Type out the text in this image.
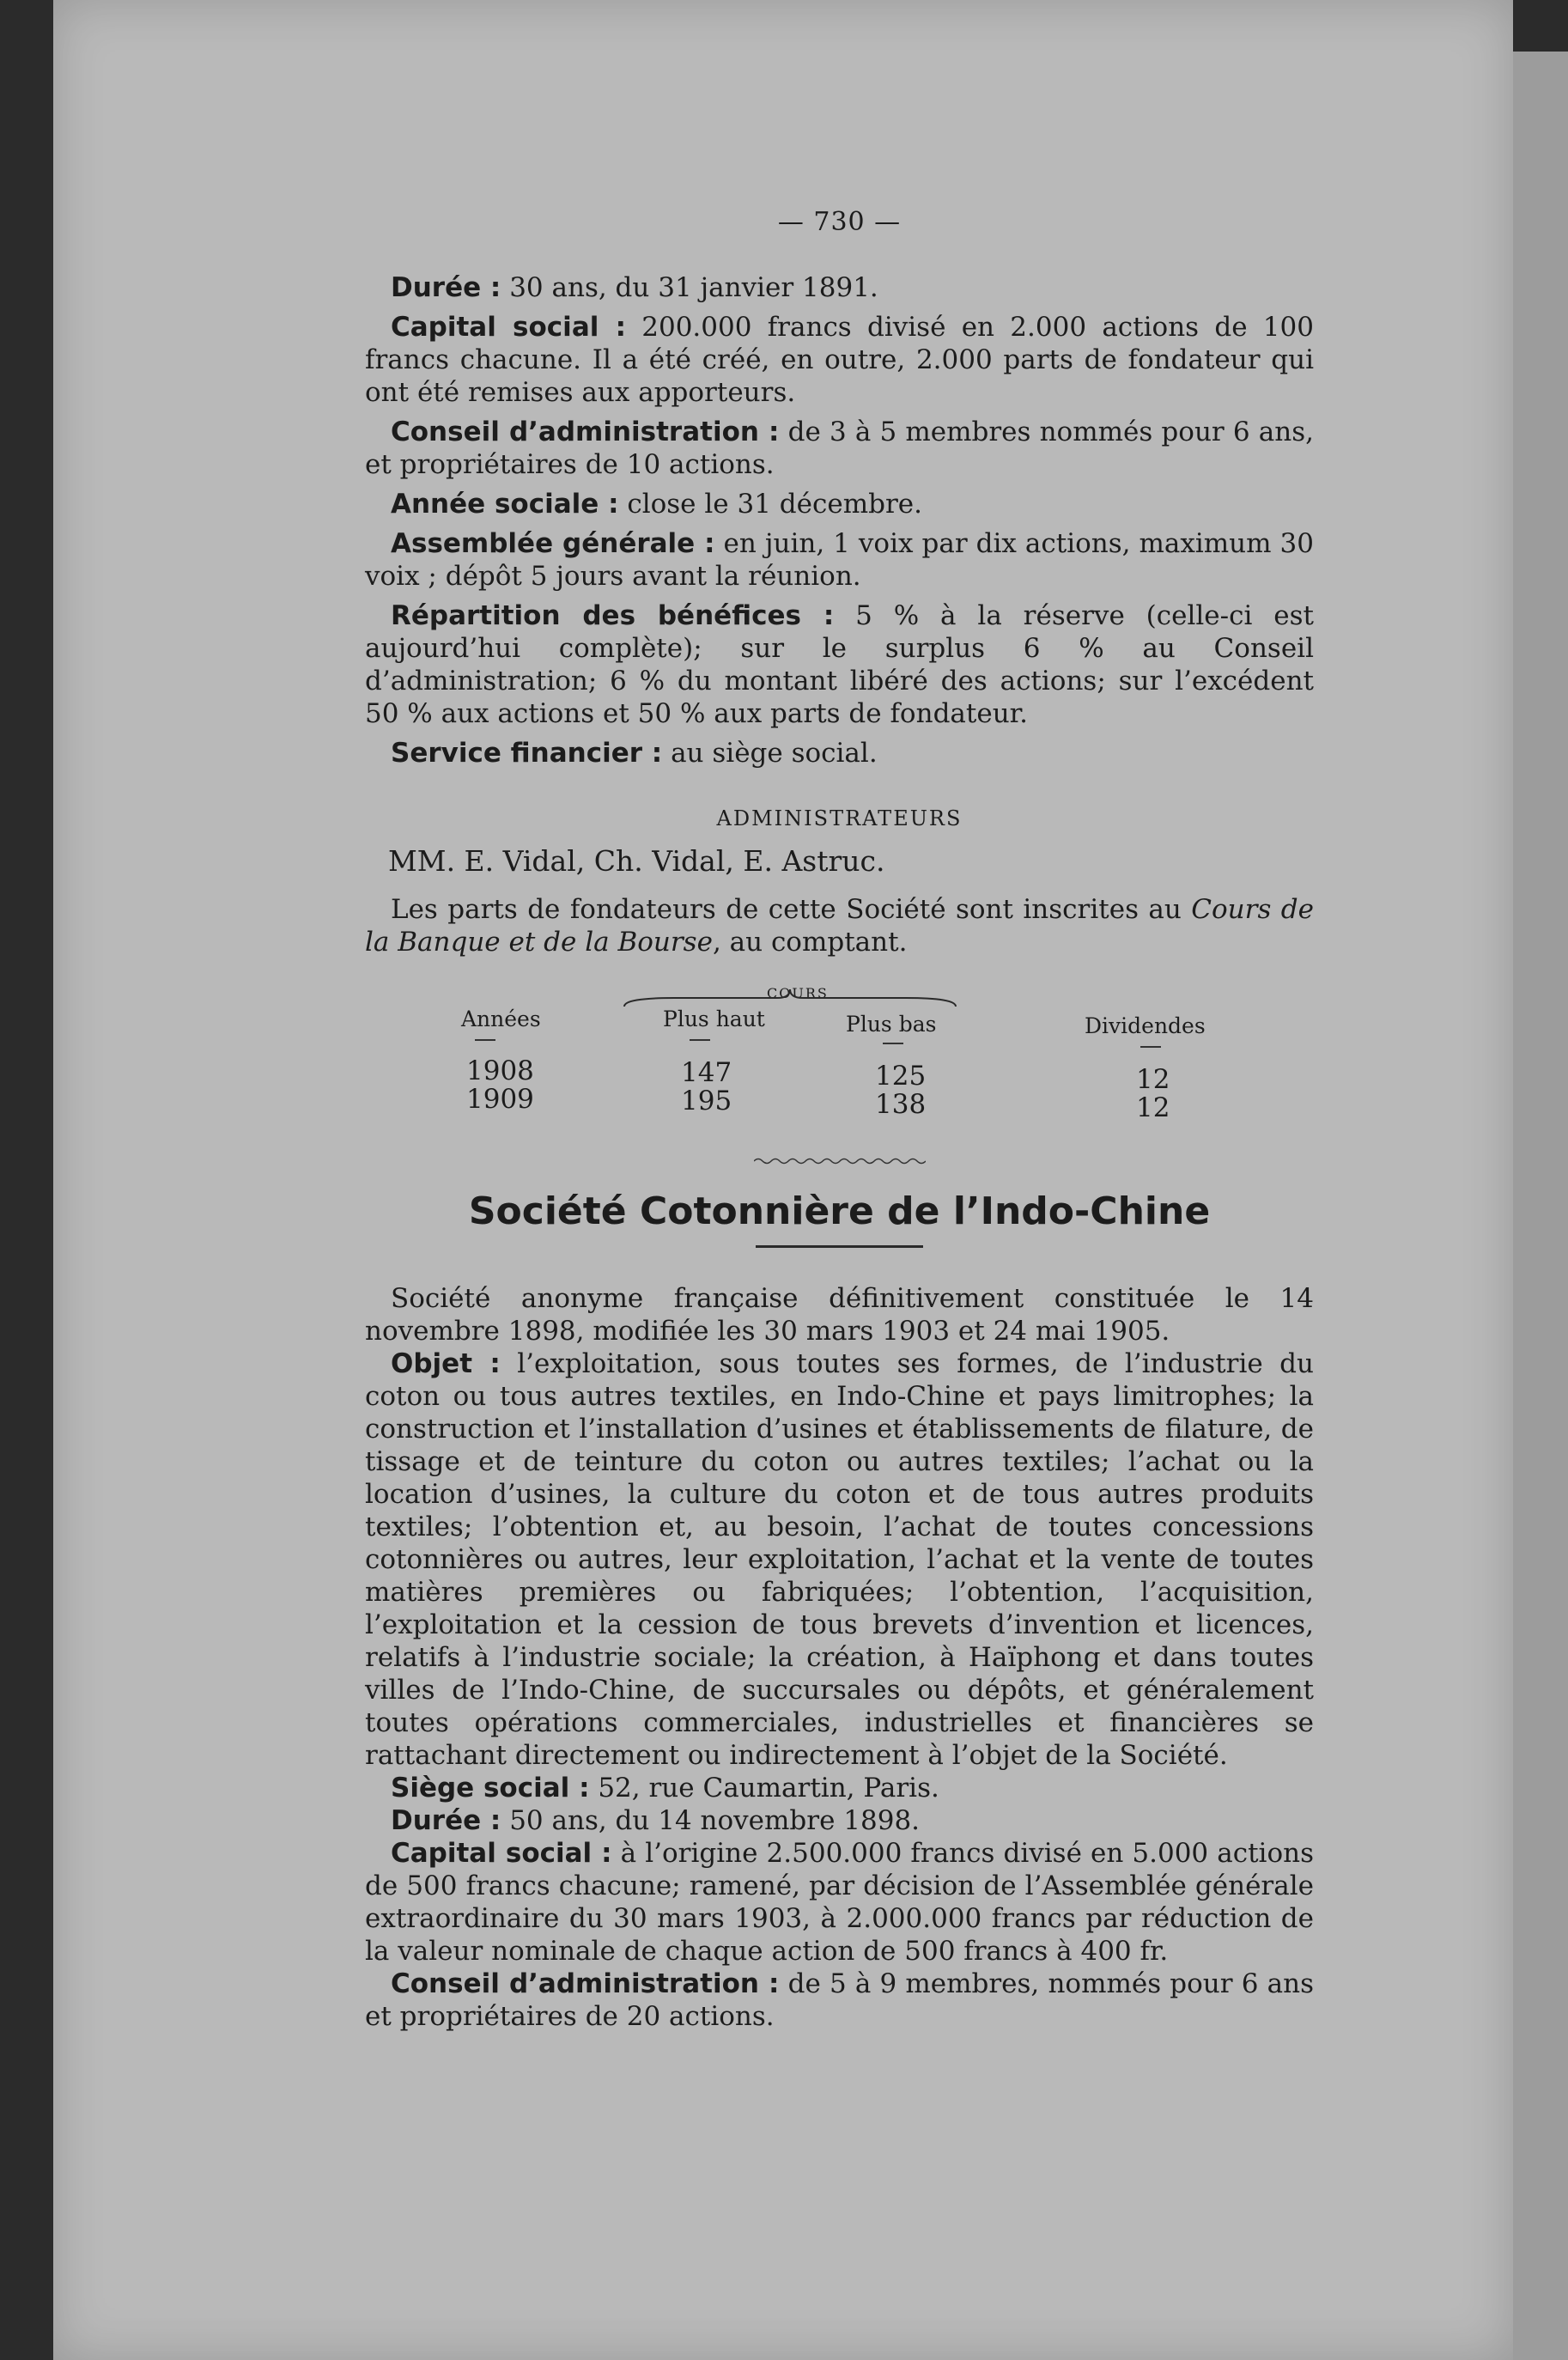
— 730 —

Durée : 30 ans, du 31 janvier 1891.

Capital social : 200.000 francs divisé en 2.000 actions de 100 francs chacune. Il a été créé, en outre, 2.000 parts de fondateur qui ont été remises aux apporteurs.

Conseil d’administration : de 3 à 5 membres nommés pour 6 ans, et propriétaires de 10 actions.

Année sociale : close le 31 décembre.

Assemblée générale : en juin, 1 voix par dix actions, maximum 30 voix ; dépôt 5 jours avant la réunion.

Répartition des bénéfices : 5 % à la réserve (celle-ci est aujourd’hui complète); sur le surplus 6 % au Conseil d’administration; 6 % du montant libéré des actions; sur l’excédent 50 % aux actions et 50 % aux parts de fondateur.

Service financier : au siège social.

ADMINISTRATEURS
MM. E. Vidal, Ch. Vidal, E. Astruc.

Les parts de fondateurs de cette Société sont inscrites au Cours de la Banque et de la Bourse, au comptant.

COURS
Années	Plus haut	Plus bas	Dividendes
1908	147	125	12
1909	195	138	12
Société Cotonnière de l’Indo-Chine

Société anonyme française définitivement constituée le 14 novembre 1898, modifiée les 30 mars 1903 et 24 mai 1905.

Objet : l’exploitation, sous toutes ses formes, de l’industrie du coton ou tous autres textiles, en Indo-Chine et pays limitrophes; la construction et l’installation d’usines et établissements de filature, de tissage et de teinture du coton ou autres textiles; l’achat ou la location d’usines, la culture du coton et de tous autres produits textiles; l’obtention et, au besoin, l’achat de toutes concessions cotonnières ou autres, leur exploitation, l’achat et la vente de toutes matières premières ou fabriquées; l’obtention, l’acquisition, l’exploitation et la cession de tous brevets d’invention et licences, relatifs à l’industrie sociale; la création, à Haïphong et dans toutes villes de l’Indo-Chine, de succursales ou dépôts, et généralement toutes opérations commerciales, industrielles et financières se rattachant directement ou indirectement à l’objet de la Société.

Siège social : 52, rue Caumartin, Paris.

Durée : 50 ans, du 14 novembre 1898.

Capital social : à l’origine 2.500.000 francs divisé en 5.000 actions de 500 francs chacune; ramené, par décision de l’Assemblée générale extraordinaire du 30 mars 1903, à 2.000.000 francs par réduction de la valeur nominale de chaque action de 500 francs à 400 fr.

Conseil d’administration : de 5 à 9 membres, nommés pour 6 ans et propriétaires de 20 actions.
